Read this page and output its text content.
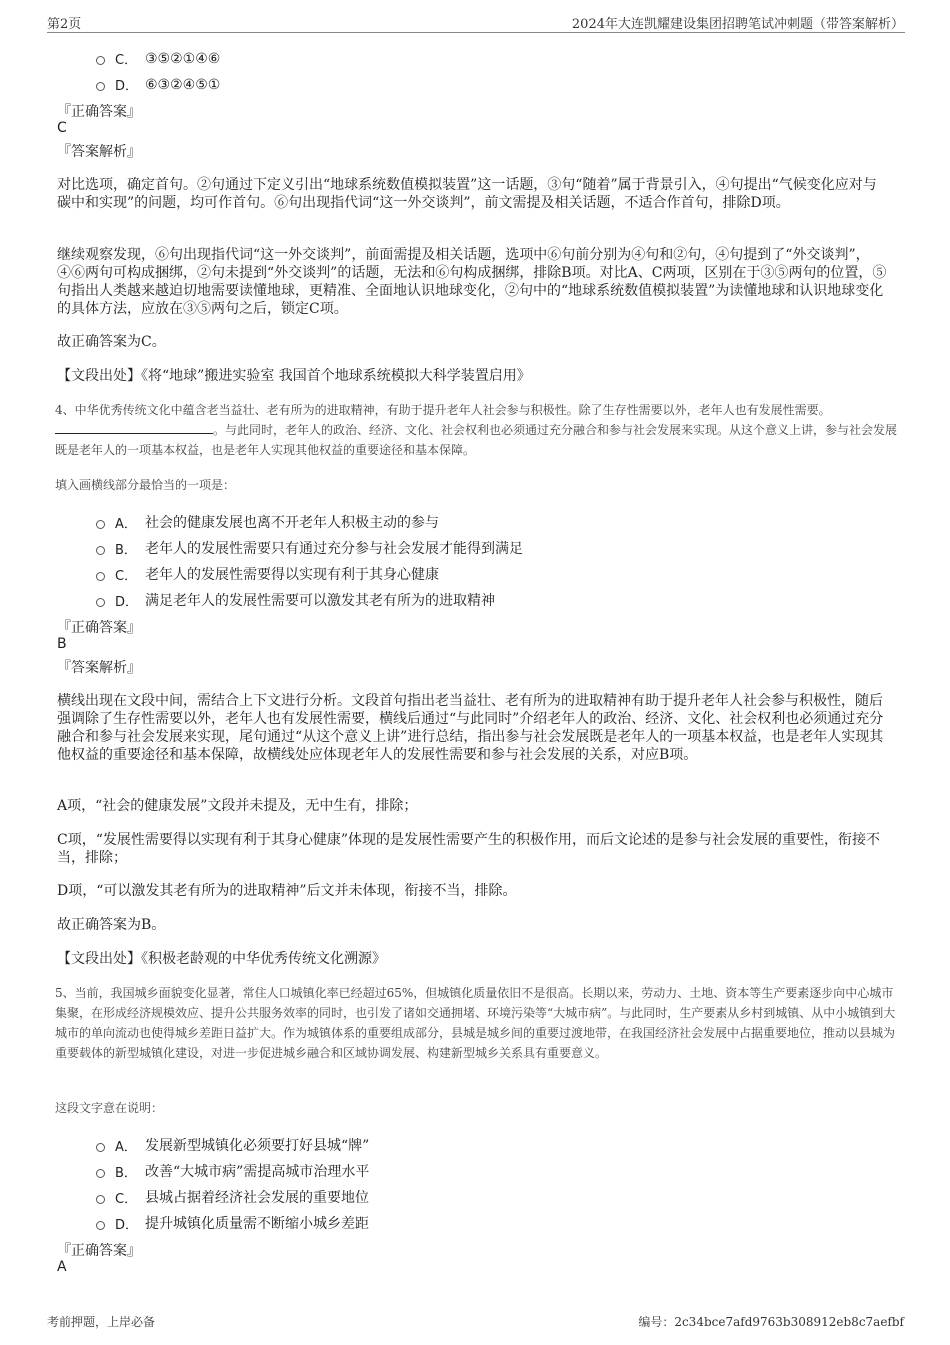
第2页	2024年大连凯耀建设集团招聘笔试冲刺题（带答案解析）
C． ③⑤②①④⑥
D． ⑥③②④⑤①
『正确答案』
C
『答案解析』
对比选项，确定首句。②句通过下定义引出“地球系统数值模拟装置”这一话题，③句“随着”属于背景引入，④句提出“气候变化应对与碳中和实现”的问题，均可作首句。⑥句出现指代词“这一外交谈判”，前文需提及相关话题，不适合作首句，排除D项。
继续观察发现，⑥句出现指代词“这一外交谈判”，前面需提及相关话题，选项中⑥句前分别为④句和②句，④句提到了“外交谈判”，④⑥两句可构成捆绑，②句未提到“外交谈判”的话题，无法和⑥句构成捆绑，排除B项。对比A、C两项，区别在于③⑤两句的位置，⑤句指出人类越来越迫切地需要读懂地球，更精准、全面地认识地球变化，②句中的“地球系统数值模拟装置”为读懂地球和认识地球变化的具体方法，应放在③⑤两句之后，锁定C项。
故正确答案为C。
【文段出处】《将“地球”搬进实验室 我国首个地球系统模拟大科学装置启用》
4、中华优秀传统文化中蕴含老当益壮、老有所为的进取精神，有助于提升老年人社会参与积极性。除了生存性需要以外，老年人也有发展性需要。 。与此同时，老年人的政治、经济、文化、社会权利也必须通过充分融合和参与社会发展来实现。从这个意义上讲，参与社会发展既是老年人的一项基本权益，也是老年人实现其他权益的重要途径和基本保障。
填入画横线部分最恰当的一项是：
A． 社会的健康发展也离不开老年人积极主动的参与
B． 老年人的发展性需要只有通过充分参与社会发展才能得到满足
C． 老年人的发展性需要得以实现有利于其身心健康
D． 满足老年人的发展性需要可以激发其老有所为的进取精神
『正确答案』
B
『答案解析』
横线出现在文段中间，需结合上下文进行分析。文段首句指出老当益壮、老有所为的进取精神有助于提升老年人社会参与积极性，随后强调除了生存性需要以外，老年人也有发展性需要，横线后通过“与此同时”介绍老年人的政治、经济、文化、社会权利也必须通过充分融合和参与社会发展来实现，尾句通过“从这个意义上讲”进行总结，指出参与社会发展既是老年人的一项基本权益，也是老年人实现其他权益的重要途径和基本保障，故横线处应体现老年人的发展性需要和参与社会发展的关系，对应B项。
A项，“社会的健康发展”文段并未提及，无中生有，排除；
C项，“发展性需要得以实现有利于其身心健康”体现的是发展性需要产生的积极作用，而后文论述的是参与社会发展的重要性，衔接不当，排除；
D项，“可以激发其老有所为的进取精神”后文并未体现，衔接不当，排除。
故正确答案为B。
【文段出处】《积极老龄观的中华优秀传统文化溯源》
5、当前，我国城乡面貌变化显著，常住人口城镇化率已经超过65%，但城镇化质量依旧不是很高。长期以来，劳动力、土地、资本等生产要素逐步向中心城市集聚，在形成经济规模效应、提升公共服务效率的同时，也引发了诸如交通拥堵、环境污染等“大城市病”。与此同时，生产要素从乡村到城镇、从中小城镇到大城市的单向流动也使得城乡差距日益扩大。作为城镇体系的重要组成部分，县城是城乡间的重要过渡地带，在我国经济社会发展中占据重要地位，推动以县城为重要载体的新型城镇化建设，对进一步促进城乡融合和区域协调发展、构建新型城乡关系具有重要意义。
这段文字意在说明：
A． 发展新型城镇化必须要打好县城“牌”
B． 改善“大城市病”需提高城市治理水平
C． 县城占据着经济社会发展的重要地位
D． 提升城镇化质量需不断缩小城乡差距
『正确答案』
A
考前押题，上岸必备	编号：2c34bce7afd9763b308912eb8c7aefbf
